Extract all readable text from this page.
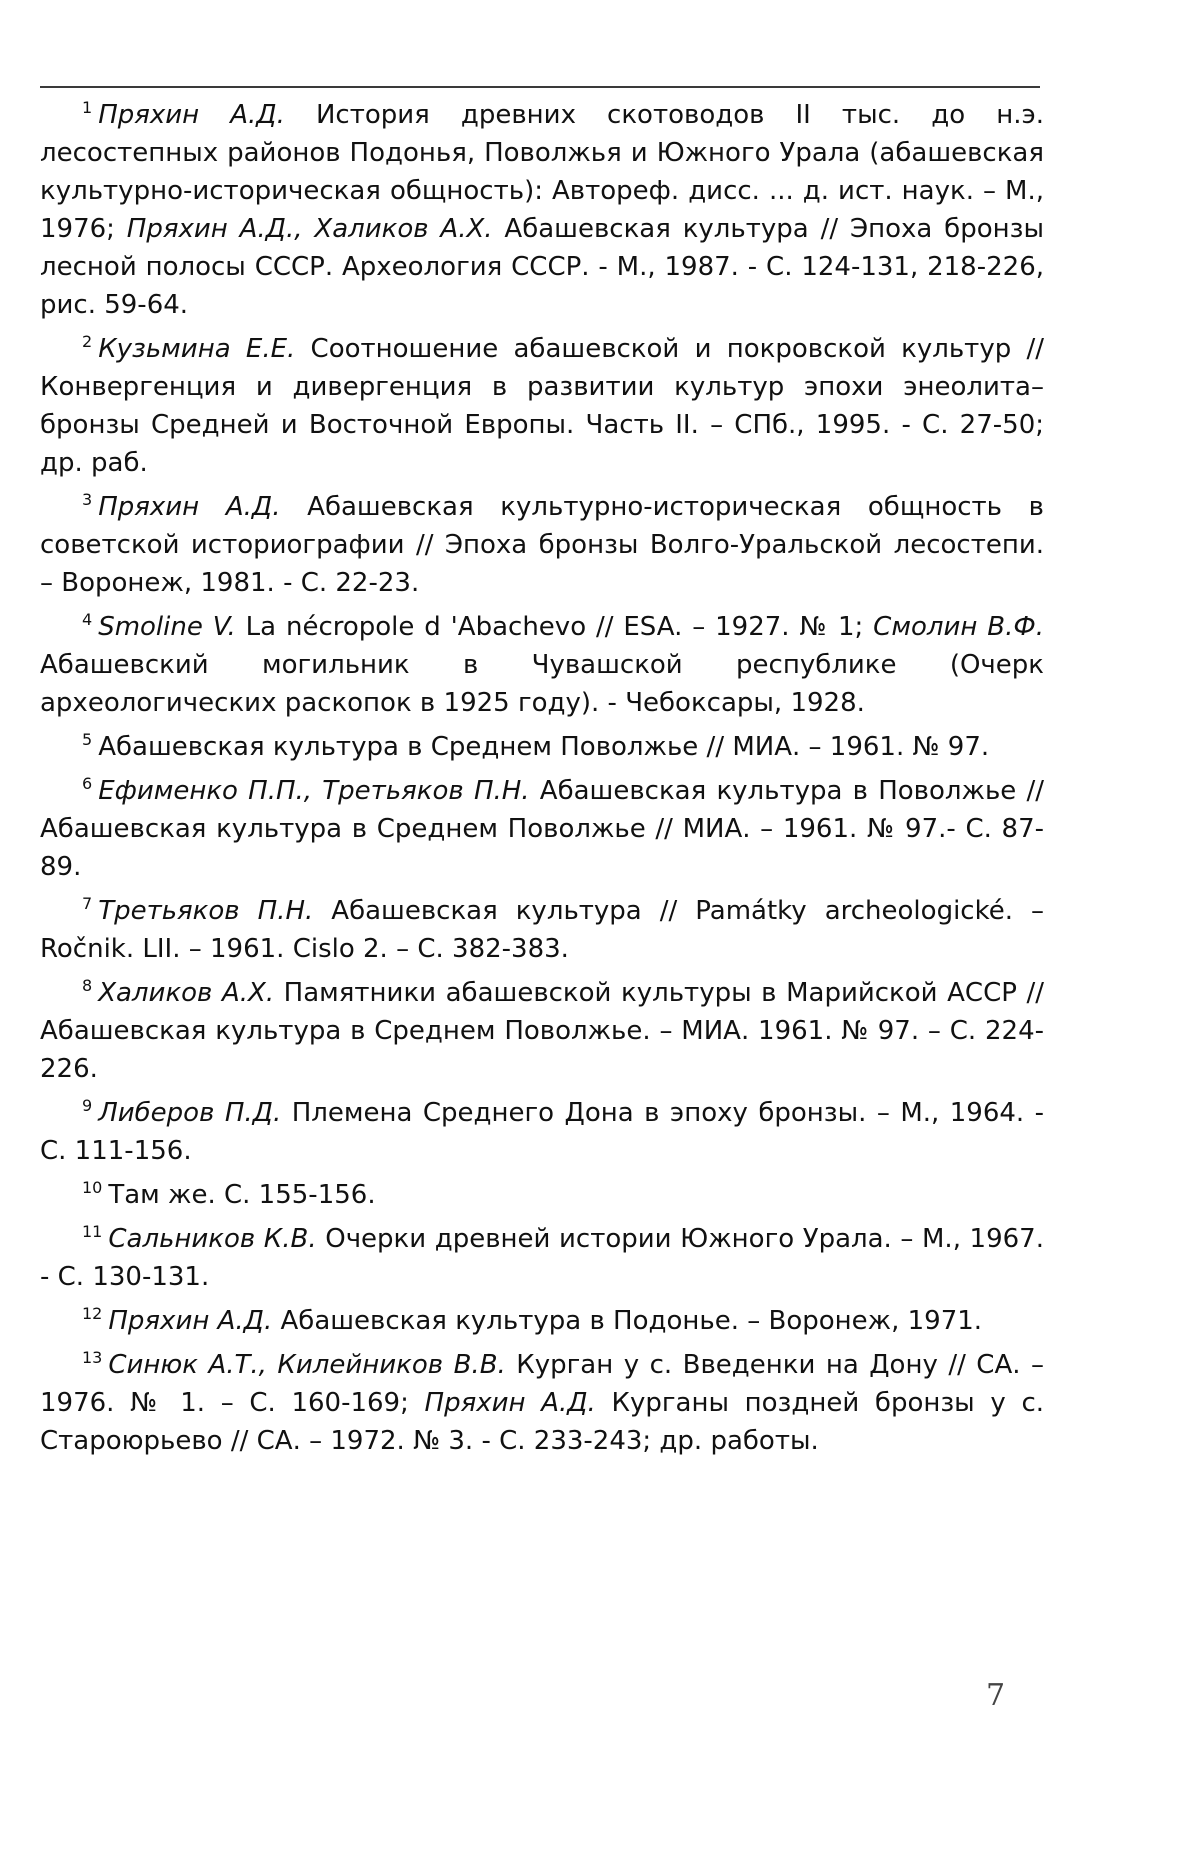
$^1$ Пряхин А.Д. История древних скотоводов II тыс. до н.э. лесостепных районов Подонья, Поволжья и Южного Урала (абашевская культурно-историческая общность): Автореф. дисс. ... д. ист. наук. – М., 1976; Пряхин А.Д., Халиков А.Х. Абашевская культура // Эпоха бронзы лесной полосы СССР. Археология СССР. - М., 1987. - С. 124-131, 218-226, рис. 59-64.

$^2$ Кузьмина Е.Е. Соотношение абашевской и покровской культур // Конвергенция и дивергенция в развитии культур эпохи энеолита–бронзы Средней и Восточной Европы. Часть II. – СПб., 1995. - С. 27-50; др. раб.

$^3$ Пряхин А.Д. Абашевская культурно-историческая общность в советской историографии // Эпоха бронзы Волго-Уральской лесостепи. – Воронеж, 1981. - С. 22-23.

$^4$ Smoline V. La nécropole d 'Abachevo // ESA. – 1927. № 1; Смолин В.Ф. Абашевский могильник в Чувашской республике (Очерк археологических раскопок в 1925 году). - Чебоксары, 1928.

$^5$ Абашевская культура в Среднем Поволжье // МИА. – 1961. № 97.

$^6$ Ефименко П.П., Третьяков П.Н. Абашевская культура в Поволжье // Абашевская культура в Среднем Поволжье // МИА. – 1961. № 97.- С. 87-89.

$^7$ Третьяков П.Н. Абашевская культура // Památky archeologické. – Ročnik. LII. – 1961. Cislo 2. – С. 382-383.

$^8$ Халиков А.Х. Памятники абашевской культуры в Марийской АССР // Абашевская культура в Среднем Поволжье. – МИА. 1961. № 97. – С. 224-226.

$^9$ Либеров П.Д. Племена Среднего Дона в эпоху бронзы. – М., 1964. - С. 111-156.

$^{10}$ Там же. С. 155-156.

$^{11}$ Сальников К.В. Очерки древней истории Южного Урала. – М., 1967. - С. 130-131.

$^{12}$ Пряхин А.Д. Абашевская культура в Подонье. – Воронеж, 1971.

$^{13}$ Синюк А.Т., Килейников В.В. Курган у с. Введенки на Дону // СА. – 1976. № 1. – С. 160-169; Пряхин А.Д. Курганы поздней бронзы у с. Староюрьево // СА. – 1972. № 3. - С. 233-243; др. работы.

7
